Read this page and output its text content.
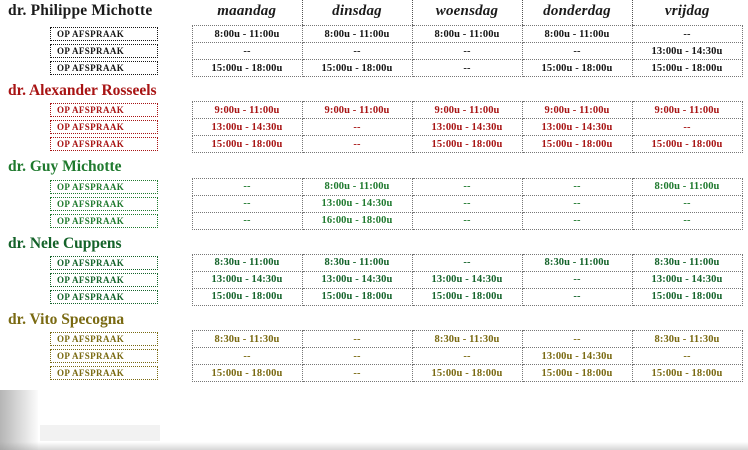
dr. Philippe Michotte	maandag	dinsdag	woensdag	donderdag	vrijdag
OP AFSPRAAK	8:00u - 11:00u	8:00u - 11:00u	8:00u - 11:00u	8:00u - 11:00u	--
OP AFSPRAAK	--	--	--	--	13:00u - 14:30u
OP AFSPRAAK	15:00u - 18:00u	15:00u - 18:00u	--	15:00u - 18:00u	15:00u - 18:00u
dr. Alexander Rosseels
OP AFSPRAAK	9:00u - 11:00u	9:00u - 11:00u	9:00u - 11:00u	9:00u - 11:00u	9:00u - 11:00u
OP AFSPRAAK	13:00u - 14:30u	--	13:00u - 14:30u	13:00u - 14:30u	--
OP AFSPRAAK	15:00u - 18:00u	--	15:00u - 18:00u	15:00u - 18:00u	15:00u - 18:00u
dr. Guy Michotte
OP AFSPRAAK	--	8:00u - 11:00u	--	--	8:00u - 11:00u
OP AFSPRAAK	--	13:00u - 14:30u	--	--	--
OP AFSPRAAK	--	16:00u - 18:00u	--	--	--
dr. Nele Cuppens
OP AFSPRAAK	8:30u - 11:00u	8:30u - 11:00u	--	8:30u - 11:00u	8:30u - 11:00u
OP AFSPRAAK	13:00u - 14:30u	13:00u - 14:30u	13:00u - 14:30u	--	13:00u - 14:30u
OP AFSPRAAK	15:00u - 18:00u	15:00u - 18:00u	15:00u - 18:00u	--	15:00u - 18:00u
dr. Vito Specogna
OP AFSPRAAK	8:30u - 11:30u	--	8:30u - 11:30u	--	8:30u - 11:30u
OP AFSPRAAK	--	--	--	13:00u - 14:30u	--
OP AFSPRAAK	15:00u - 18:00u	--	15:00u - 18:00u	15:00u - 18:00u	15:00u - 18:00u
